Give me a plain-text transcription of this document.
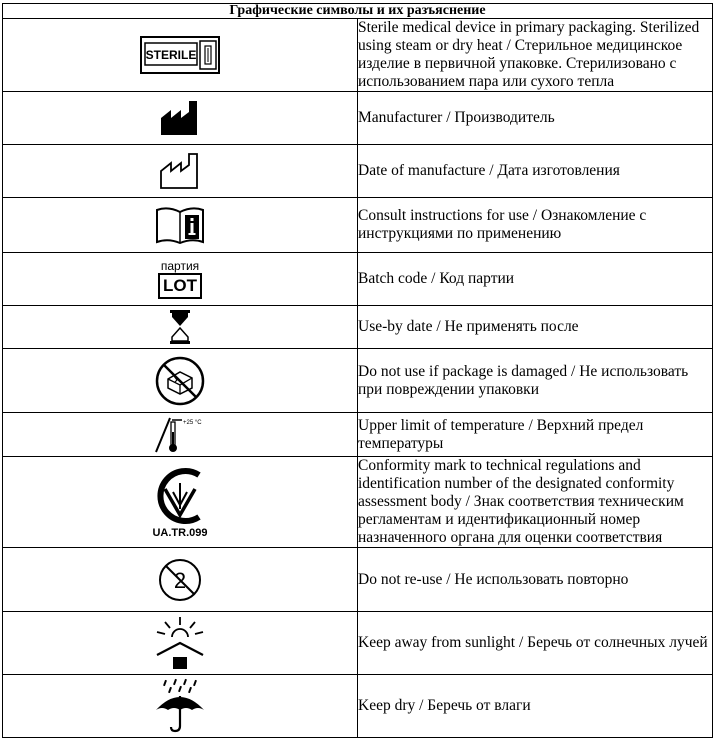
Графические символы и их разъяснение	

STERILE	Sterile medical device in primary packaging. Sterilized using steam or dry heat / Стерильное медицинское изделие в первичной упаковке. Стерилизовано с использованием пара или сухого тепла

	Manufacturer / Производитель

	Date of manufacture / Дата изготовления

	Consult instructions for use / Ознакомление с инструкциями по применению

партия
LOT	Batch code / Код партии

	Use-by date / Не применять после

	Do not use if package is damaged / Не использовать при повреждении упаковки

+25 °C	Upper limit of temperature / Верхний предел температуры

UA.TR.099	Conformity mark to technical regulations and identification number of the designated conformity assessment body / Знак соответствия техническим регламентам и идентификационный номер назначенного органа для оценки соответствия

2	Do not re-use / Не использовать повторно

	Keep away from sunlight / Беречь от солнечных лучей

	Keep dry / Беречь от влаги
